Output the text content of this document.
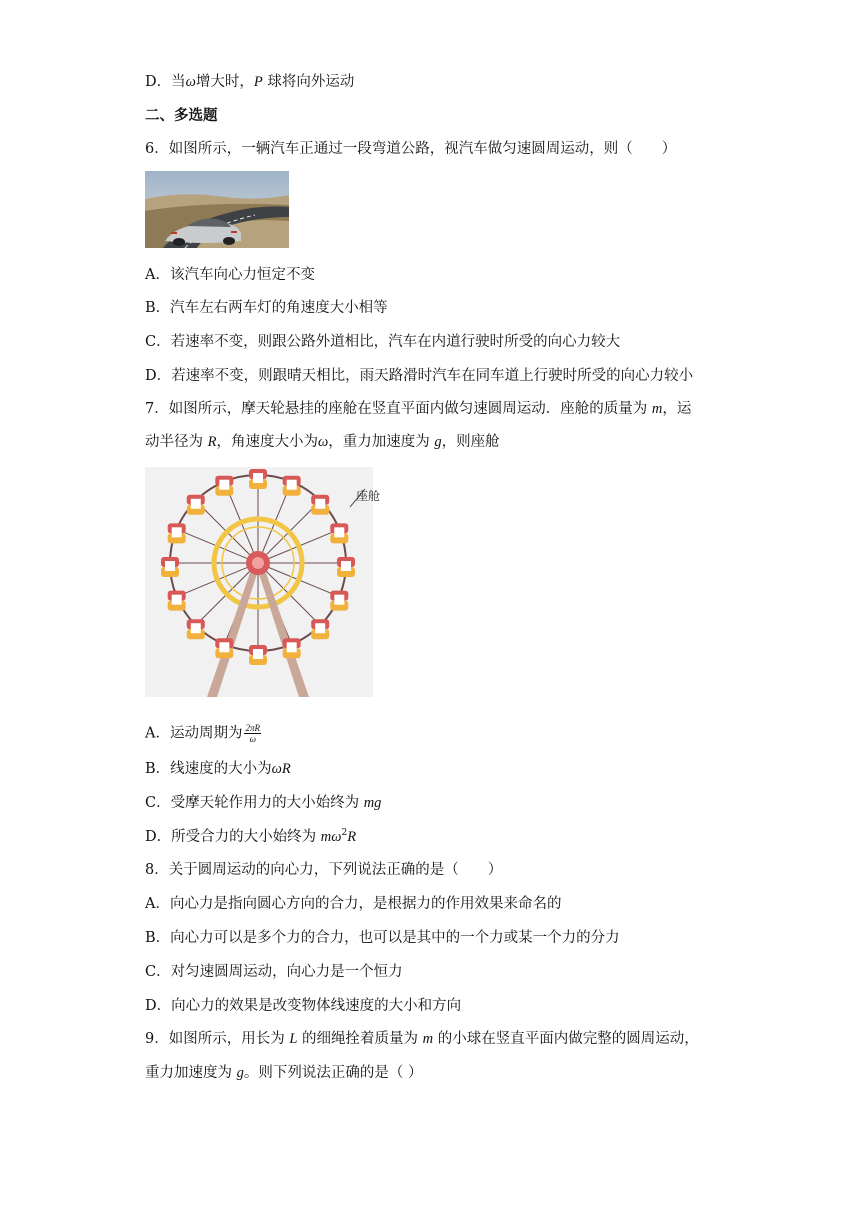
D．当ω增大时，P 球将向外运动
二、多选题
6．如图所示，一辆汽车正通过一段弯道公路，视汽车做匀速圆周运动，则（　　）
A．该汽车向心力恒定不变
B．汽车左右两车灯的角速度大小相等
C．若速率不变，则跟公路外道相比，汽车在内道行驶时所受的向心力较大
D．若速率不变，则跟晴天相比，雨天路滑时汽车在同车道上行驶时所受的向心力较小
7．如图所示，摩天轮悬挂的座舱在竖直平面内做匀速圆周运动．座舱的质量为 m，运
动半径为 R，角速度大小为ω，重力加速度为 g，则座舱
座舱
A．运动周期为 $\frac{2\pi R}{\omega}$
B．线速度的大小为ωR
C．受摩天轮作用力的大小始终为 mg
D．所受合力的大小始终为 $m\omega^2R$
8．关于圆周运动的向心力，下列说法正确的是（　　）
A．向心力是指向圆心方向的合力，是根据力的作用效果来命名的
B．向心力可以是多个力的合力，也可以是其中的一个力或某一个力的分力
C．对匀速圆周运动，向心力是一个恒力
D．向心力的效果是改变物体线速度的大小和方向
9．如图所示，用长为 L 的细绳拴着质量为 m 的小球在竖直平面内做完整的圆周运动，
重力加速度为 g。则下列说法正确的是（ ）
